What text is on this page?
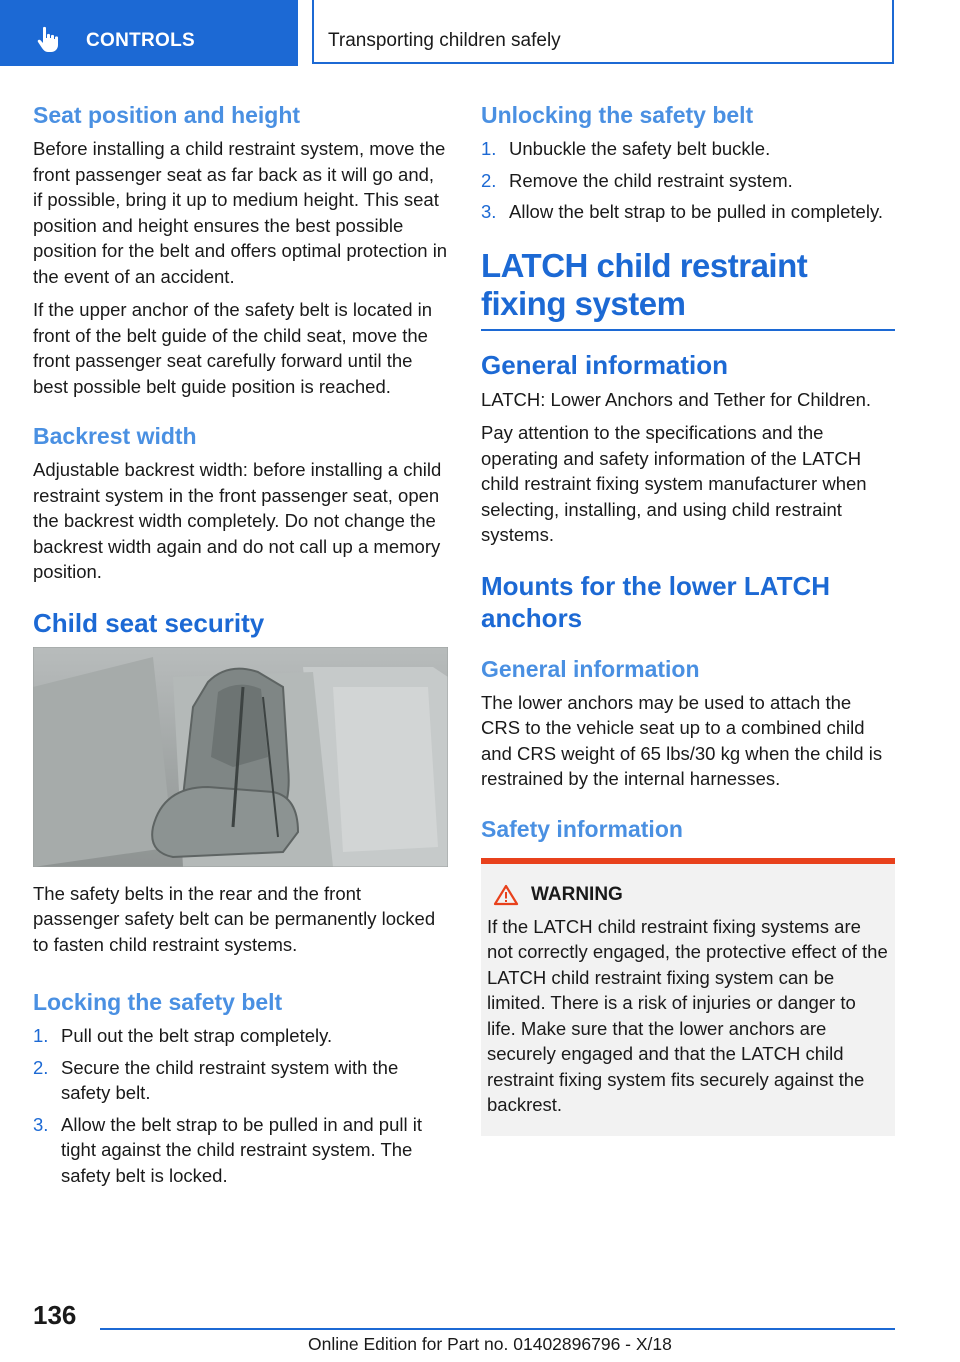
CONTROLS	Transporting children safely
Seat position and height

Before installing a child restraint system, move the front passenger seat as far back as it will go and, if possible, bring it up to medium height. This seat position and height ensures the best possible position for the belt and offers optimal protection in the event of an accident.

If the upper anchor of the safety belt is located in front of the belt guide of the child seat, move the front passenger seat carefully forward until the best possible belt guide position is reached.

Backrest width

Adjustable backrest width: before installing a child restraint system in the front passenger seat, open the backrest width completely. Do not change the backrest width again and do not call up a memory position.

Child seat security

The safety belts in the rear and the front passenger safety belt can be permanently locked to fasten child restraint systems.

Locking the safety belt
1. Pull out the belt strap completely.
2. Secure the child restraint system with the safety belt.
3. Allow the belt strap to be pulled in and pull it tight against the child restraint system. The safety belt is locked.
Unlocking the safety belt
1. Unbuckle the safety belt buckle.
2. Remove the child restraint system.
3. Allow the belt strap to be pulled in completely.
LATCH child restraint fixing system
General information

LATCH: Lower Anchors and Tether for Children.

Pay attention to the specifications and the operating and safety information of the LATCH child restraint fixing system manufacturer when selecting, installing, and using child restraint systems.

Mounts for the lower LATCH anchors
General information

The lower anchors may be used to attach the CRS to the vehicle seat up to a combined child and CRS weight of 65 lbs/30 kg when the child is restrained by the internal harnesses.

Safety information
WARNING

If the LATCH child restraint fixing systems are not correctly engaged, the protective effect of the LATCH child restraint fixing system can be limited. There is a risk of injuries or danger to life. Make sure that the lower anchors are securely engaged and that the LATCH child restraint fixing system fits securely against the backrest.

136
Online Edition for Part no. 01402896796 - X/18
